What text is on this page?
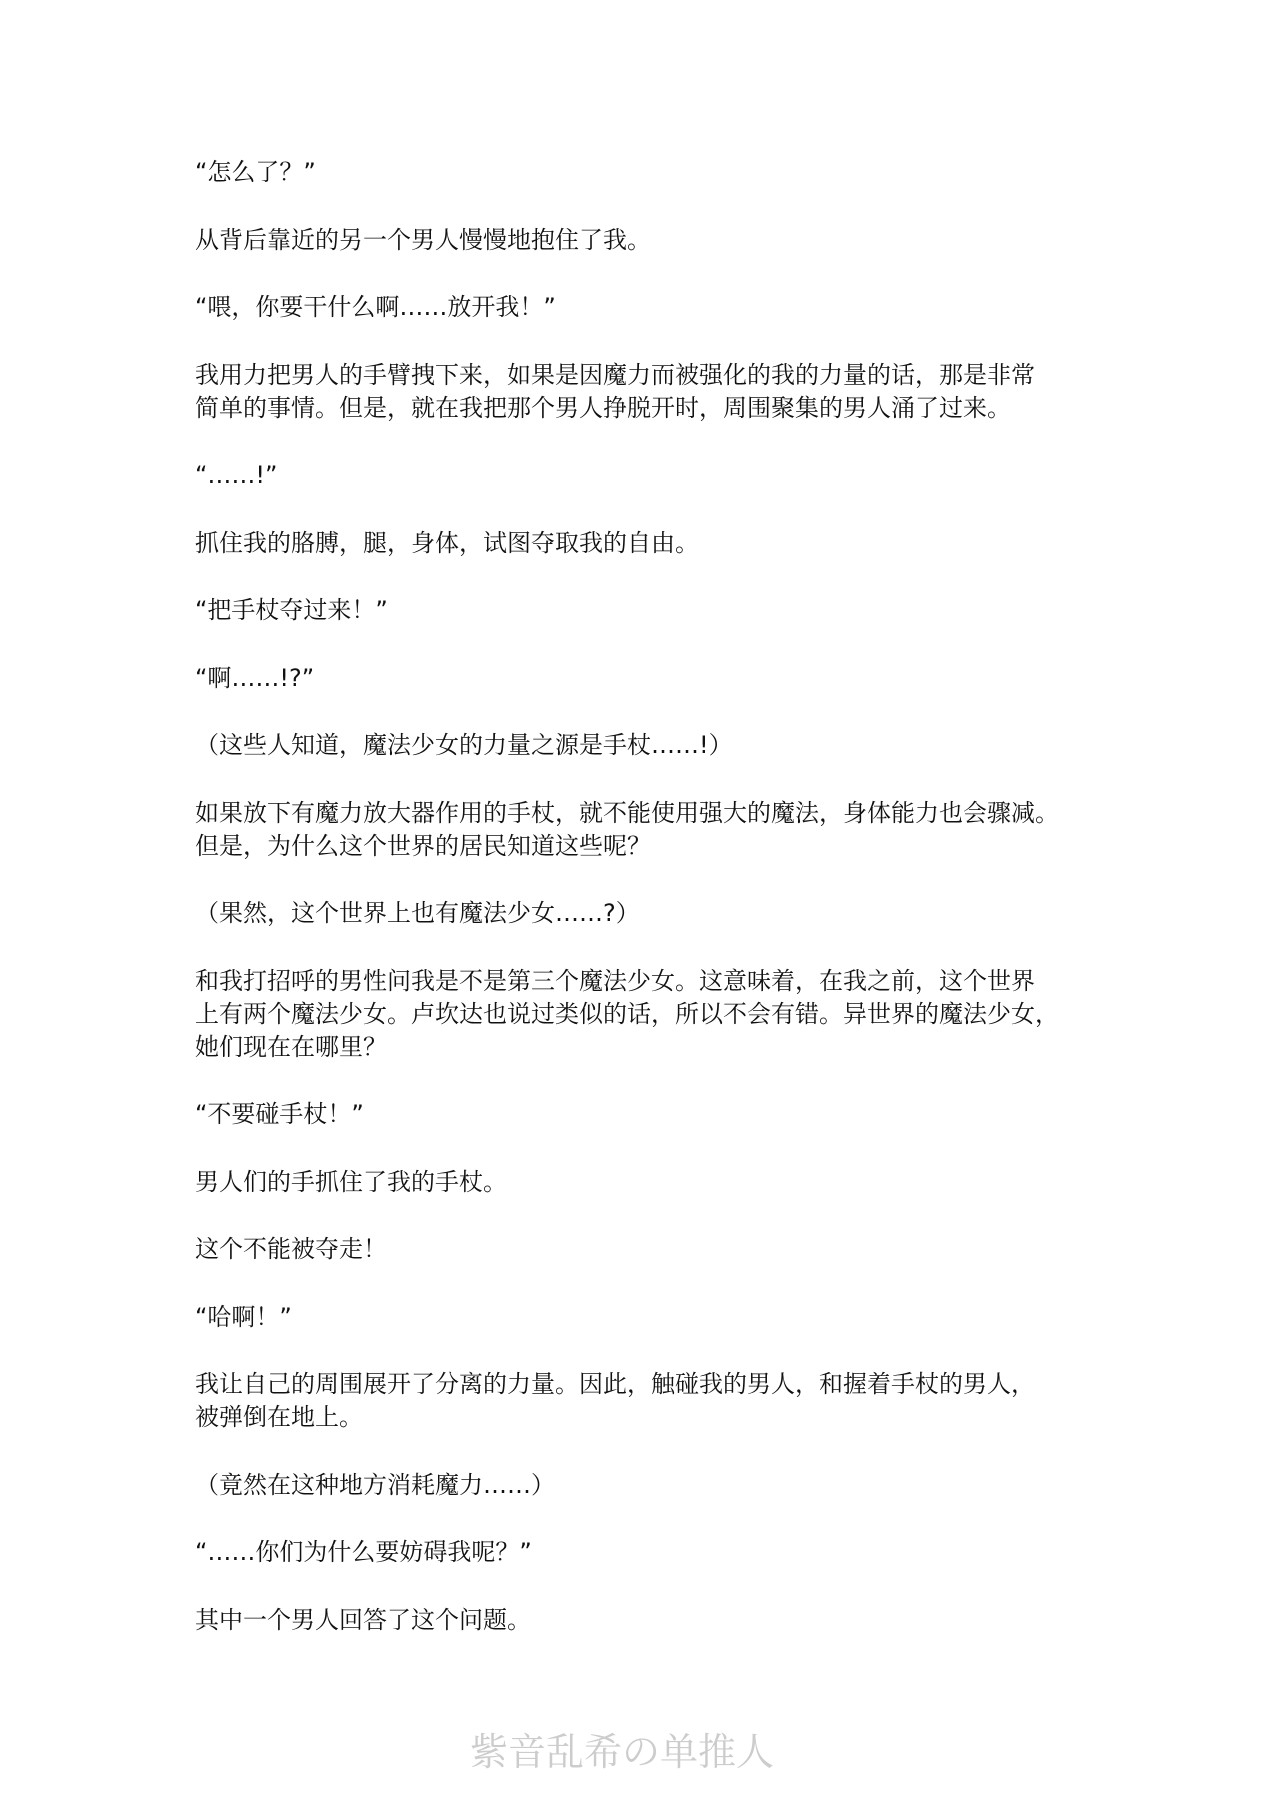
紫音乱希の单推人

“怎么了？”

从背后靠近的另一个男人慢慢地抱住了我。

“喂，你要干什么啊……放开我！”

我用力把男人的手臂拽下来，如果是因魔力而被强化的我的力量的话，那是非常
简单的事情。但是，就在我把那个男人挣脱开时，周围聚集的男人涌了过来。

“……!”

抓住我的胳膊，腿，身体，试图夺取我的自由。

“把手杖夺过来！”

“啊……!?”

（这些人知道，魔法少女的力量之源是手杖……!）

如果放下有魔力放大器作用的手杖，就不能使用强大的魔法，身体能力也会骤减。
但是，为什么这个世界的居民知道这些呢？

（果然，这个世界上也有魔法少女……?）

和我打招呼的男性问我是不是第三个魔法少女。这意味着，在我之前，这个世界
上有两个魔法少女。卢坎达也说过类似的话，所以不会有错。异世界的魔法少女，
她们现在在哪里？

“不要碰手杖！”

男人们的手抓住了我的手杖。

这个不能被夺走！

“哈啊！”

我让自己的周围展开了分离的力量。因此，触碰我的男人，和握着手杖的男人，
被弹倒在地上。

（竟然在这种地方消耗魔力……）

“……你们为什么要妨碍我呢？”

其中一个男人回答了这个问题。
